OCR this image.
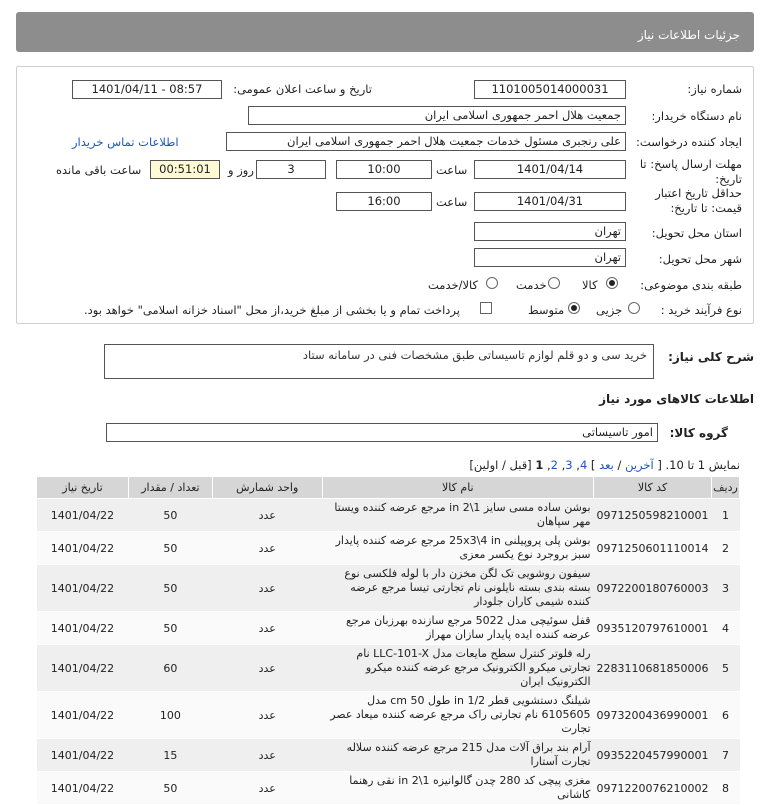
جزئیات اطلاعات نیاز
شماره نیاز:
1101005014000031
تاریخ و ساعت اعلان عمومی:
1401/04/11 - 08:57
نام دستگاه خریدار:
جمعیت هلال احمر جمهوری اسلامی ایران
ایجاد کننده درخواست:
علی رنجبری مسئول خدمات جمعیت هلال احمر جمهوری اسلامی ایران
اطلاعات تماس خریدار
مهلت ارسال پاسخ: تا تاریخ:
1401/04/14
ساعت
10:00
3
روز و
00:51:01
ساعت باقی مانده
حداقل تاریخ اعتبار قیمت: تا تاریخ:
1401/04/31
ساعت
16:00
استان محل تحویل:
تهران
شهر محل تحویل:
تهران
طبقه بندی موضوعی:
کالا
خدمت
کالا/خدمت
نوع فرآیند خرید :
جزیی
متوسط
پرداخت تمام و یا بخشی از مبلغ خرید،از محل "اسناد خزانه اسلامی" خواهد بود.
شرح کلی نیاز:
خرید سی و دو قلم لوازم تاسیساتی طبق مشخصات فنی در سامانه ستاد
اطلاعات کالاهای مورد نیاز
گروه کالا:
امور تاسیساتی
نمایش 1 تا 10. [ آخرین / بعد ] 4, 3, 2, 1 [قبل / اولین]
ردیف	کد کالا	نام کالا	واحد شمارش	تعداد / مقدار	تاریخ نیاز
1	0971250598210001	بوشن ساده مسی سایز in 2\1 مرجع عرضه کننده ویستا مهر سپاهان	عدد	50	1401/04/22
2	0971250601110014	بوشن پلی پروپیلنی 25x3\4 in مرجع عرضه کننده پایدار سبز بروجرد نوع یکسر معزی	عدد	50	1401/04/22
3	0972200180760003	سیفون روشویی تک لگن مخزن دار با لوله فلکسی نوع بسته بندی بسته نایلونی نام تجارتی تیسا مرجع عرضه کننده شیمی کاران جلودار	عدد	50	1401/04/22
4	0935120797610001	قفل سوئیچی مدل 5022 مرجع سازنده بهرزبان مرجع عرضه کننده ایده پایدار سازان مهراز	عدد	50	1401/04/22
5	2283110681850006	رله فلوتر کنترل سطح مایعات مدل LLC-101-X نام تجارتی میکرو الکترونیک مرجع عرضه کننده میکرو الکترونیک ایران	عدد	60	1401/04/22
6	0973200436990001	شیلنگ دستشویی قطر in 1/2 طول cm 50 مدل 6105605 نام تجارتی راک مرجع عرضه کننده میعاد عصر تجارت	عدد	100	1401/04/22
7	0935220457990001	آرام بند براق آلات مدل 215 مرجع عرضه کننده سلاله تجارت آستارا	عدد	15	1401/04/22
8	0971220076210002	مغزی پیچی کد 280 چدن گالوانیزه in 2\1 نقی رهنما کاشانی	عدد	50	1401/04/22
